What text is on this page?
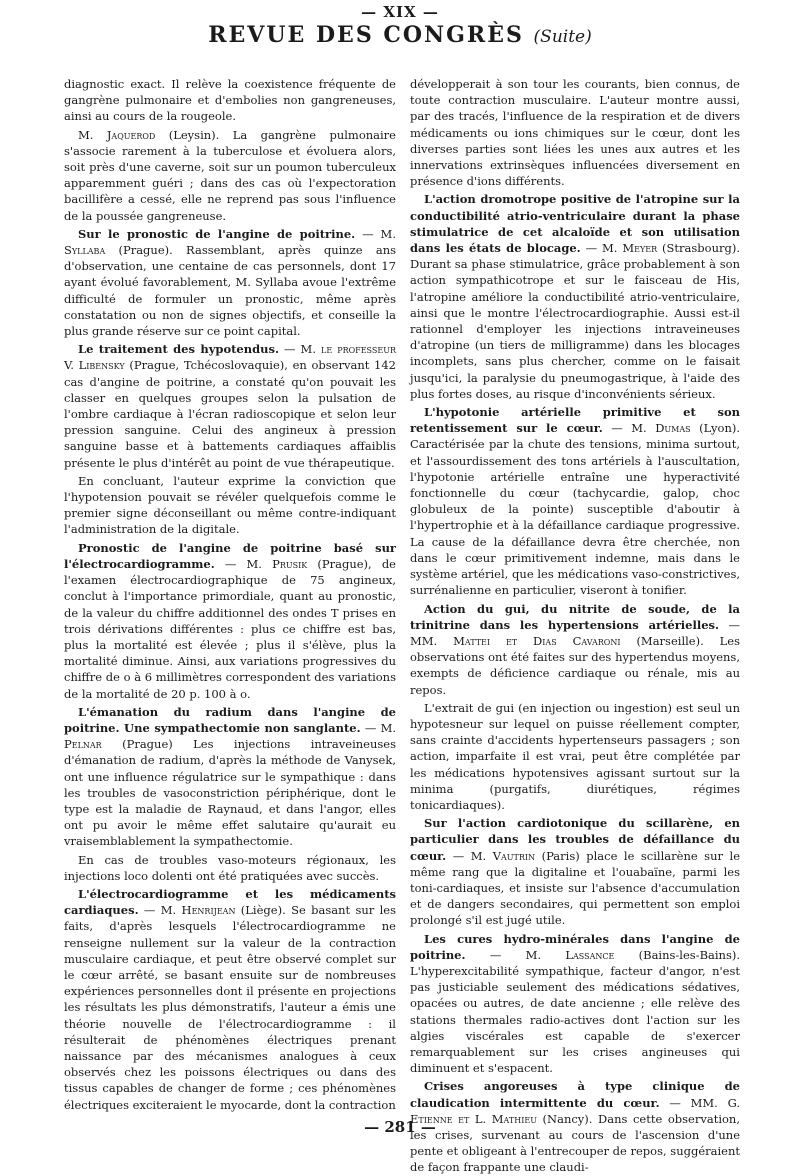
— XIX —
REVUE DES CONGRÈS (Suite)

diagnostic exact. Il relève la coexistence fréquente de gangrène pulmonaire et d'embolies non gangreneuses, ainsi au cours de la rougeole.

M. Jaquerod (Leysin). La gangrène pulmonaire s'associe rarement à la tuberculose et évoluera alors, soit près d'une caverne, soit sur un poumon tuberculeux apparemment guéri ; dans des cas où l'expectoration bacillifère a cessé, elle ne reprend pas sous l'influence de la poussée gangreneuse.

Sur le pronostic de l'angine de poitrine. — M. Syllaba (Prague). Rassemblant, après quinze ans d'observation, une centaine de cas personnels, dont 17 ayant évolué favorablement, M. Syllaba avoue l'extrême difficulté de formuler un pronostic, même après constatation ou non de signes objectifs, et conseille la plus grande réserve sur ce point capital.

Le traitement des hypotendus. — M. le professeur V. Libensky (Prague, Tchécoslovaquie), en observant 142 cas d'angine de poitrine, a constaté qu'on pouvait les classer en quelques groupes selon la pulsation de l'ombre cardiaque à l'écran radioscopique et selon leur pression sanguine. Celui des angineux à pression sanguine basse et à battements cardiaques affaiblis présente le plus d'intérêt au point de vue thérapeutique.

En concluant, l'auteur exprime la conviction que l'hypotension pouvait se révéler quelquefois comme le premier signe déconseillant ou même contre-indiquant l'administration de la digitale.

Pronostic de l'angine de poitrine basé sur l'électrocardiogramme. — M. Prusik (Prague), de l'examen électrocardiographique de 75 angineux, conclut à l'importance primordiale, quant au pronostic, de la valeur du chiffre additionnel des ondes T prises en trois dérivations différentes : plus ce chiffre est bas, plus la mortalité est élevée ; plus il s'élève, plus la mortalité diminue. Ainsi, aux variations progressives du chiffre de o à 6 millimètres correspondent des variations de la mortalité de 20 p. 100 à o.

L'émanation du radium dans l'angine de poitrine. Une sympathectomie non sanglante. — M. Pelnar (Prague) Les injections intraveineuses d'émanation de radium, d'après la méthode de Vanysek, ont une influence régulatrice sur le sympathique : dans les troubles de vasoconstriction périphérique, dont le type est la maladie de Raynaud, et dans l'angor, elles ont pu avoir le même effet salutaire qu'aurait eu vraisemblablement la sympathectomie.

En cas de troubles vaso-moteurs régionaux, les injections loco dolenti ont été pratiquées avec succès.

L'électrocardiogramme et les médicaments cardiaques. — M. Henrijean (Liège). Se basant sur les faits, d'après lesquels l'électrocardiogramme ne renseigne nullement sur la valeur de la contraction musculaire cardiaque, et peut être observé complet sur le cœur arrêté, se basant ensuite sur de nombreuses expériences personnelles dont il présente en projections les résultats les plus démonstratifs, l'auteur a émis une théorie nouvelle de l'électrocardiogramme : il résulterait de phénomènes électriques prenant naissance par des mécanismes analogues à ceux observés chez les poissons électriques ou dans des tissus capables de changer de forme ; ces phénomènes électriques exciteraient le myocarde, dont la contraction

développerait à son tour les courants, bien connus, de toute contraction musculaire. L'auteur montre aussi, par des tracés, l'influence de la respiration et de divers médicaments ou ions chimiques sur le cœur, dont les diverses parties sont liées les unes aux autres et les innervations extrinsèques influencées diversement en présence d'ions différents.

L'action dromotrope positive de l'atropine sur la conductibilité atrio-ventriculaire durant la phase stimulatrice de cet alcaloïde et son utilisation dans les états de blocage. — M. Meyer (Strasbourg). Durant sa phase stimulatrice, grâce probablement à son action sympathicotrope et sur le faisceau de His, l'atropine améliore la conductibilité atrio-ventriculaire, ainsi que le montre l'électrocardiographie. Aussi est-il rationnel d'employer les injections intraveineuses d'atropine (un tiers de milligramme) dans les blocages incomplets, sans plus chercher, comme on le faisait jusqu'ici, la paralysie du pneumogastrique, à l'aide des plus fortes doses, au risque d'inconvénients sérieux.

L'hypotonie artérielle primitive et son retentissement sur le cœur. — M. Dumas (Lyon). Caractérisée par la chute des tensions, minima surtout, et l'assourdissement des tons artériels à l'auscultation, l'hypotonie artérielle entraîne une hyperactivité fonctionnelle du cœur (tachycardie, galop, choc globuleux de la pointe) susceptible d'aboutir à l'hypertrophie et à la défaillance cardiaque progressive. La cause de la défaillance devra être cherchée, non dans le cœur primitivement indemne, mais dans le système artériel, que les médications vaso-constrictives, surrénalienne en particulier, viseront à tonifier.

Action du gui, du nitrite de soude, de la trinitrine dans les hypertensions artérielles. — MM. Mattei et Dias Cavaroni (Marseille). Les observations ont été faites sur des hypertendus moyens, exempts de déficience cardiaque ou rénale, mis au repos.

L'extrait de gui (en injection ou ingestion) est seul un hypotesneur sur lequel on puisse réellement compter, sans crainte d'accidents hypertenseurs passagers ; son action, imparfaite il est vrai, peut être complétée par les médications hypotensives agissant surtout sur la minima (purgatifs, diurétiques, régimes tonicardiaques).

Sur l'action cardiotonique du scillarène, en particulier dans les troubles de défaillance du cœur. — M. Vautrin (Paris) place le scillarène sur le même rang que la digitaline et l'ouabaïne, parmi les toni-cardiaques, et insiste sur l'absence d'accumulation et de dangers secondaires, qui permettent son emploi prolongé s'il est jugé utile.

Les cures hydro-minérales dans l'angine de poitrine. — M. Lassance (Bains-les-Bains). L'hyperexcitabilité sympathique, facteur d'angor, n'est pas justiciable seulement des médications sédatives, opacées ou autres, de date ancienne ; elle relève des stations thermales radio-actives dont l'action sur les algies viscérales est capable de s'exercer remarquablement sur les crises angineuses qui diminuent et s'espacent.

Crises angoreuses à type clinique de claudication intermittente du cœur. — MM. G. Etienne et L. Mathieu (Nancy). Dans cette observation, les crises, survenant au cours de l'ascension d'une pente et obligeant à l'entrecouper de repos, suggéraient de façon frappante une claudi-

— 281 —
